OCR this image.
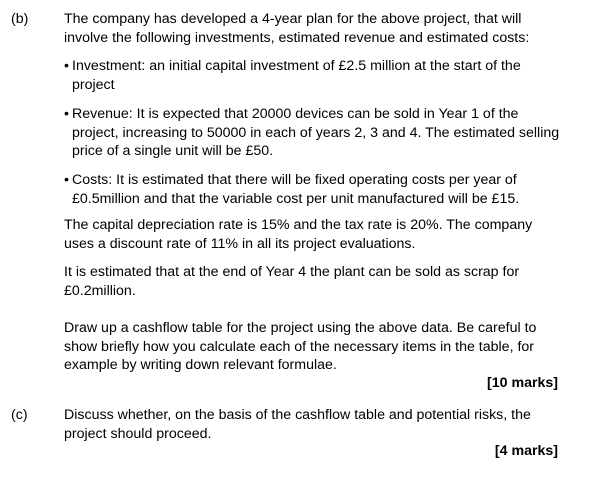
(b)	The company has developed a 4-year plan for the above project, that will involve the following investments, estimated revenue and estimated costs:

• Investment: an initial capital investment of £2.5 million at the start of the project
• Revenue: It is expected that 20000 devices can be sold in Year 1 of the project, increasing to 50000 in each of years 2, 3 and 4. The estimated selling price of a single unit will be £50.
• Costs: It is estimated that there will be fixed operating costs per year of £0.5million and that the variable cost per unit manufactured will be £15.

The capital depreciation rate is 15% and the tax rate is 20%. The company uses a discount rate of 11% in all its project evaluations.

It is estimated that at the end of Year 4 the plant can be sold as scrap for £0.2million.

Draw up a cashflow table for the project using the above data. Be careful to show briefly how you calculate each of the necessary items in the table, for example by writing down relevant formulae.

[10 marks]
(c)	Discuss whether, on the basis of the cashflow table and potential risks, the project should proceed.

[4 marks]
